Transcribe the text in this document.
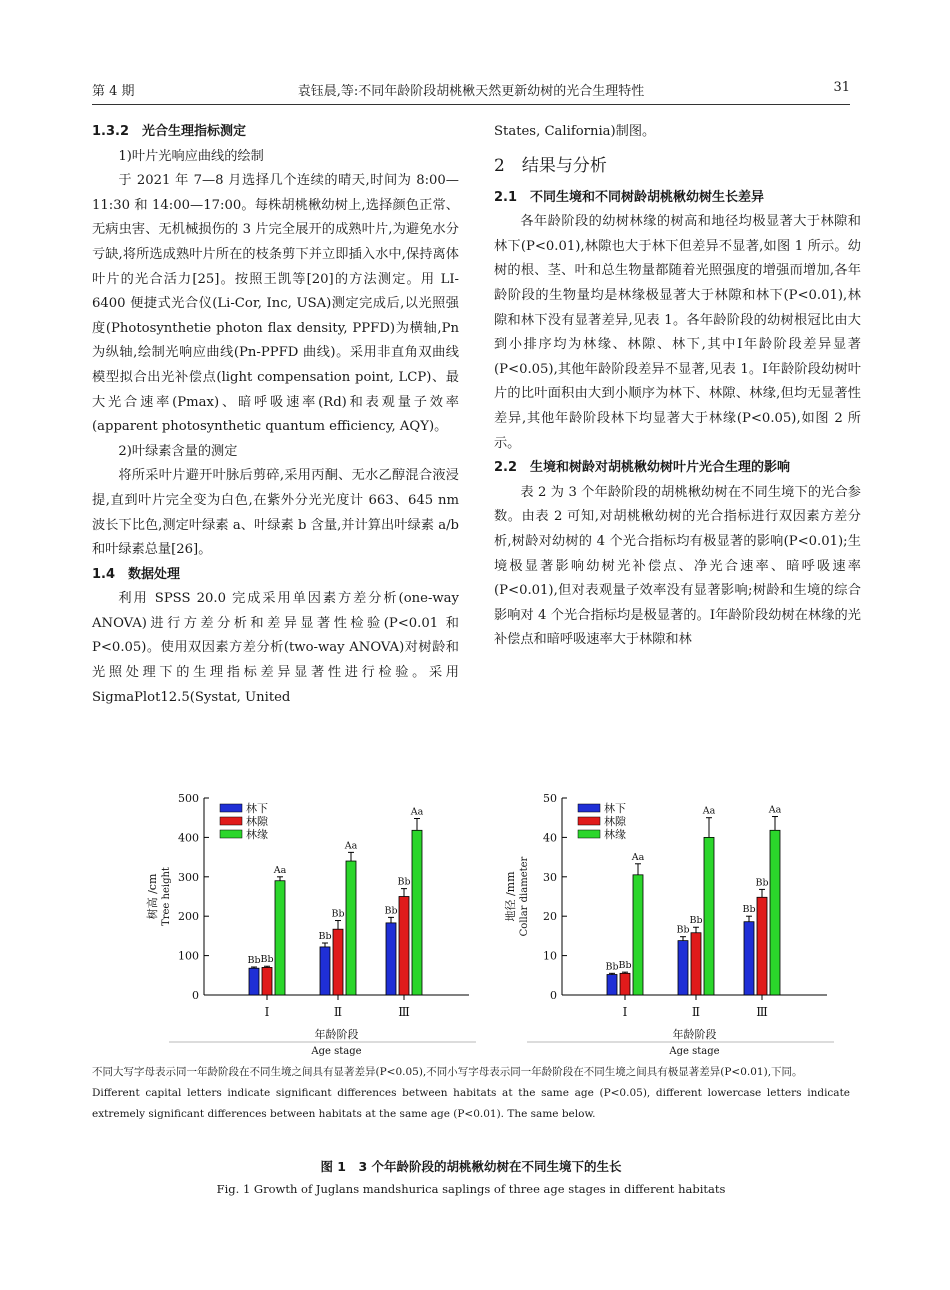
第 4 期	袁钰晨,等:不同年龄阶段胡桃楸天然更新幼树的光合生理特性	31

1.3.2　光合生理指标测定

1)叶片光响应曲线的绘制

于 2021 年 7—8 月选择几个连续的晴天,时间为 8:00—11:30 和 14:00—17:00。每株胡桃楸幼树上,选择颜色正常、无病虫害、无机械损伤的 3 片完全展开的成熟叶片,为避免水分亏缺,将所选成熟叶片所在的枝条剪下并立即插入水中,保持离体叶片的光合活力[25]。按照王凯等[20]的方法测定。用 LI-6400 便捷式光合仪(Li-Cor, Inc, USA)测定完成后,以光照强度(Photosynthetie photon flax density, PPFD)为横轴,Pn 为纵轴,绘制光响应曲线(Pn-PPFD 曲线)。采用非直角双曲线模型拟合出光补偿点(light compensation point, LCP)、最大光合速率(Pmax)、暗呼吸速率(Rd)和表观量子效率(apparent photosynthetic quantum efficiency, AQY)。

2)叶绿素含量的测定

将所采叶片避开叶脉后剪碎,采用丙酮、无水乙醇混合液浸提,直到叶片完全变为白色,在紫外分光光度计 663、645 nm 波长下比色,测定叶绿素 a、叶绿素 b 含量,并计算出叶绿素 a/b 和叶绿素总量[26]。

1.4　数据处理

利用 SPSS 20.0 完成采用单因素方差分析(one-way ANOVA)进行方差分析和差异显著性检验(P<0.01 和 P<0.05)。使用双因素方差分析(two-way ANOVA)对树龄和光照处理下的生理指标差异显著性进行检验。采用 SigmaPlot12.5(Systat, United

States, California)制图。

2　结果与分析

2.1　不同生境和不同树龄胡桃楸幼树生长差异

各年龄阶段的幼树林缘的树高和地径均极显著大于林隙和林下(P<0.01),林隙也大于林下但差异不显著,如图 1 所示。幼树的根、茎、叶和总生物量都随着光照强度的增强而增加,各年龄阶段的生物量均是林缘极显著大于林隙和林下(P<0.01),林隙和林下没有显著差异,见表 1。各年龄阶段的幼树根冠比由大到小排序均为林缘、林隙、林下,其中Ⅰ年龄阶段差异显著(P<0.05),其他年龄阶段差异不显著,见表 1。Ⅰ年龄阶段幼树叶片的比叶面积由大到小顺序为林下、林隙、林缘,但均无显著性差异,其他年龄阶段林下均显著大于林缘(P<0.05),如图 2 所示。

2.2　生境和树龄对胡桃楸幼树叶片光合生理的影响

表 2 为 3 个年龄阶段的胡桃楸幼树在不同生境下的光合参数。由表 2 可知,对胡桃楸幼树的光合指标进行双因素方差分析,树龄对幼树的 4 个光合指标均有极显著的影响(P<0.01);生境极显著影响幼树光补偿点、净光合速率、暗呼吸速率(P<0.01),但对表观量子效率没有显著影响;树龄和生境的综合影响对 4 个光合指标均是极显著的。Ⅰ年龄阶段幼树在林缘的光补偿点和暗呼吸速率大于林隙和林

0
100
200
300
400
500
树高 /cm Tree height
Ⅰ
Bb Bb
Aa
Ⅱ
Bb
Bb
Aa
Ⅲ
Bb
Bb
Aa
林下
林隙
林缘
年龄阶段
Age stage
0
10
20
30
40
50
地径 /mm Collar diameter
Ⅰ
Bb Bb
Aa
Ⅱ
Bb
Bb
Aa
Ⅲ
Bb
Bb
Aa
林下
林隙
林缘
年龄阶段
Age stage

不同大写字母表示同一年龄阶段在不同生境之间具有显著差异(P<0.05),不同小写字母表示同一年龄阶段在不同生境之间具有极显著差异(P<0.01),下同。

Different capital letters indicate significant differences between habitats at the same age (P<0.05), different lowercase letters indicate extremely significant differences between habitats at the same age (P<0.01). The same below.

图 1　3 个年龄阶段的胡桃楸幼树在不同生境下的生长
Fig. 1 Growth of Juglans mandshurica saplings of three age stages in different habitats
